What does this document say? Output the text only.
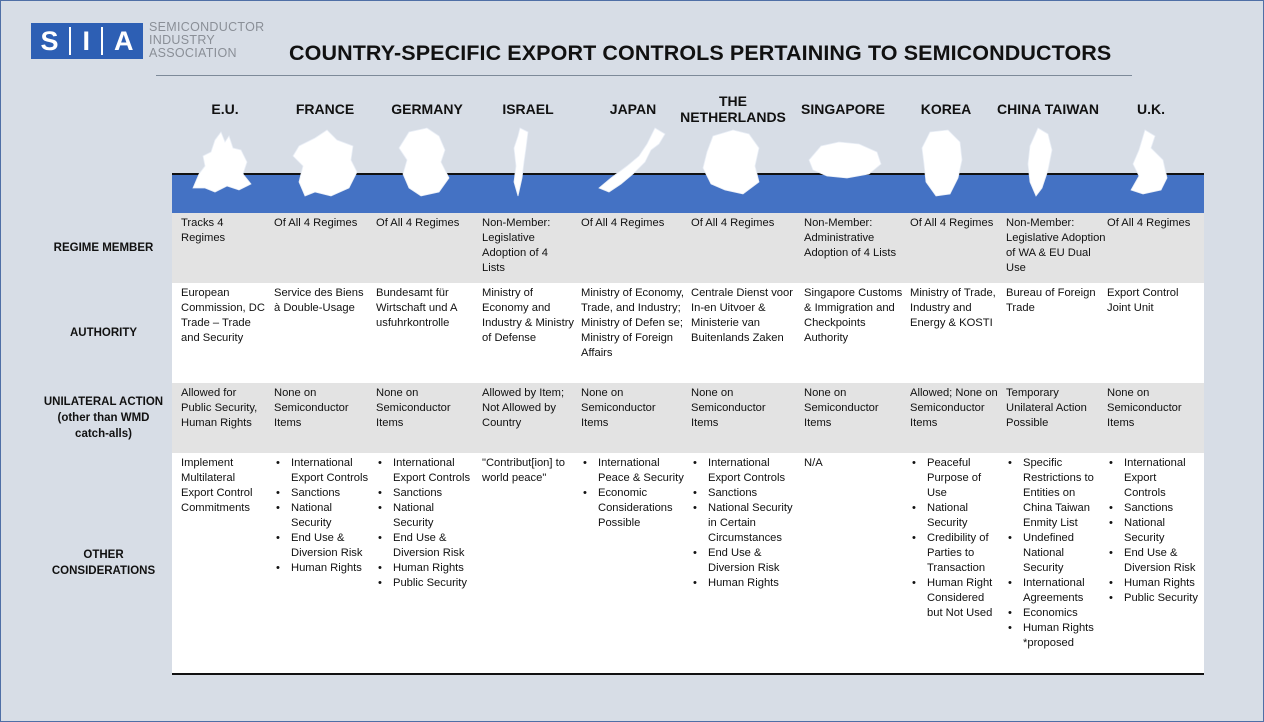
S I A SEMICONDUCTOR
INDUSTRY
ASSOCIATION	COUNTRY-SPECIFIC EXPORT CONTROLS PERTAINING TO SEMICONDUCTORS
E.U.	FRANCE	GERMANY	ISRAEL	JAPAN	THE NETHERLANDS	SINGAPORE	KOREA	CHINA TAIWAN	U.K.
REGIME MEMBER
AUTHORITY
UNILATERAL ACTION (other than WMD catch-alls)
OTHER CONSIDERATIONS
Tracks 4 Regimes
Of All 4 Regimes	Of All 4 Regimes	Non-Member: Legislative Adoption of 4 Lists
Of All 4 Regimes	Of All 4 Regimes	Non-Member: Administrative Adoption of 4 Lists
Of All 4 Regimes	Non-Member: Legislative Adoption of WA & EU Dual Use
Of All 4 Regimes
European Commission, DC Trade – Trade and Security
Service des Biens à Double-Usage
Bundesamt für Wirtschaft und A usfuhrkontrolle
Ministry of Economy and Industry & Ministry of Defense
Ministry of Economy, Trade, and Industry; Ministry of Defen se; Ministry of Foreign Affairs
Centrale Dienst voor In-en Uitvoer & Ministerie van Buitenlands Zaken
Singapore Customs & Immigration and Checkpoints Authority
Ministry of Trade, Industry and Energy & KOSTI
Bureau of Foreign Trade
Export Control Joint Unit
Allowed for Public Security, Human Rights
None on Semiconductor Items
None on Semiconductor Items
Allowed by Item; Not Allowed by Country
None on Semiconductor Items
None on Semiconductor Items
None on Semiconductor Items
Allowed; None on Semiconductor Items
Temporary Unilateral Action Possible
None on Semiconductor Items
Implement Multilateral Export Control Commitments
• International Export Controls
• Sanctions
• National Security
• End Use & Diversion Risk
• Human Rights
• International Export Controls
• Sanctions
• National Security
• End Use & Diversion Risk
• Human Rights
• Public Security
"Contribut[ion] to world peace"
• International Peace & Security
• Economic Considerations Possible
• International Export Controls
• Sanctions
• National Security in Certain Circumstances
• End Use & Diversion Risk
• Human Rights
N/A
•	Peaceful Purpose of Use
• National Security
• Credibility of Parties to Transaction
• Human Right Considered but Not Used
• Specific Restrictions to Entities on China Taiwan Enmity List
• Undefined National Security
• International Agreements
• Economics
• Human Rights *proposed
• International Export Controls
• Sanctions
• National Security
• End Use & Diversion Risk
• Human Rights
• Public Security
